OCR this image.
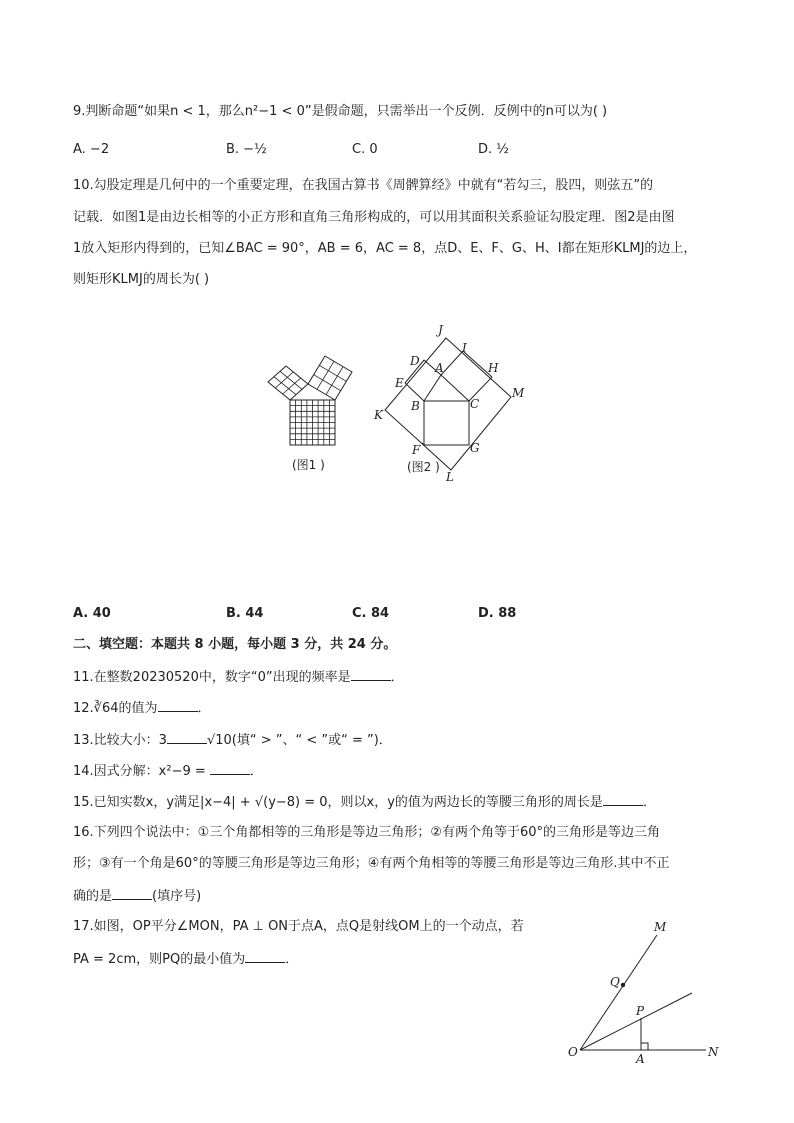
9.判断命题“如果n < 1，那么n²−1 < 0”是假命题，只需举出一个反例．反例中的n可以为( )
A. −2	B. −½	C. 0	D. ½
10.勾股定理是几何中的一个重要定理，在我国古算书《周髀算经》中就有“若勾三，股四，则弦五”的
记载．如图1是由边长相等的小正方形和直角三角形构成的，可以用其面积关系验证勾股定理．图2是由图
1放入矩形内得到的，已知∠BAC = 90°，AB = 6，AC = 8，点D、E、F、G、H、I都在矩形KLMJ的边上，
则矩形KLMJ的周长为( )
(图1 )
J
I
D A	H
E
M
B	C
K
F	G
L
(图2 )
M
Q
P
O	A	N
A. 40	B. 44	C. 84	D. 88
二、填空题：本题共 8 小题，每小题 3 分，共 24 分。
11.在整数20230520中，数字“0”出现的频率是	．
12.∛64的值为	．
13.比较大小：3	√10(填“ > ”、“ < ”或“ = ”)．
14.因式分解：x²−9 =	．
15.已知实数x，y满足|x−4| + √(y−8) = 0，则以x，y的值为两边长的等腰三角形的周长是	．
16.下列四个说法中：①三个角都相等的三角形是等边三角形；②有两个角等于60°的三角形是等边三角
形；③有一个角是60°的等腰三角形是等边三角形；④有两个角相等的等腰三角形是等边三角形.其中不正
确的是	(填序号)
17.如图，OP平分∠MON，PA ⊥ ON于点A，点Q是射线OM上的一个动点，若
PA = 2cm，则PQ的最小值为	．
